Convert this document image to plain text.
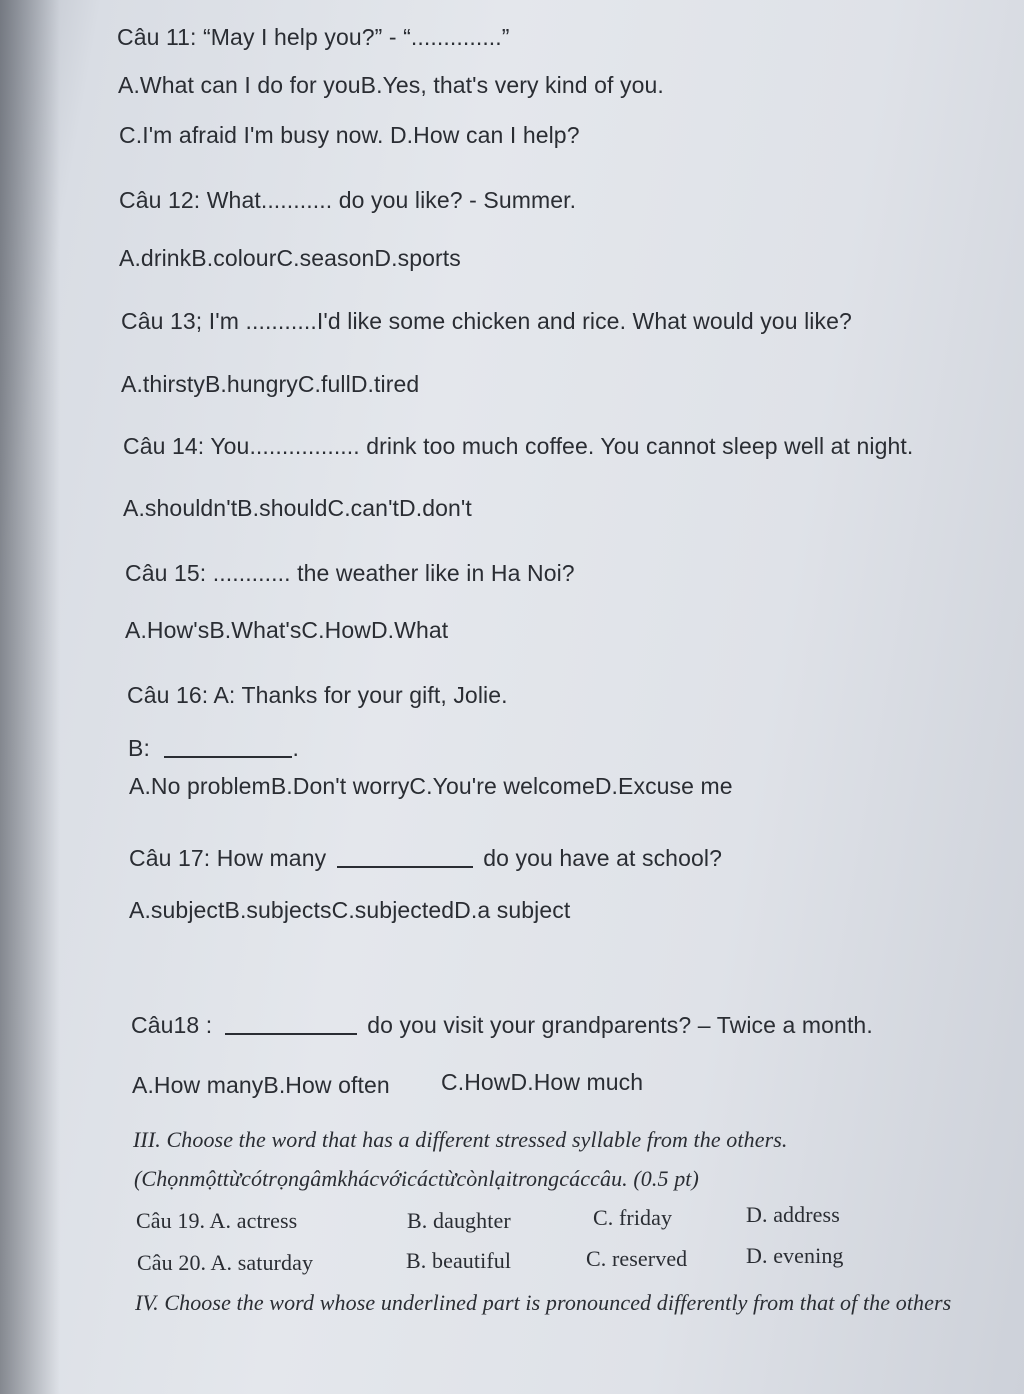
Câu 11: “May I help you?” - “..............”
A.What can I do for youB.Yes, that's very kind of you.
C.I'm afraid I'm busy now. D.How can I help?
Câu 12: What........... do you like? - Summer.
A.drinkB.colourC.seasonD.sports
Câu 13; I'm ...........I'd like some chicken and rice. What would you like?
A.thirstyB.hungryC.fullD.tired
Câu 14: You................. drink too much coffee. You cannot sleep well at night.
A.shouldn'tB.shouldC.can'tD.don't
Câu 15: ............ the weather like in Ha Noi?
A.How'sB.What'sC.HowD.What
Câu 16: A: Thanks for your gift, Jolie.
B:	.
A.No problemB.Don't worryC.You're welcomeD.Excuse me
Câu 17: How many	do you have at school?
A.subjectB.subjectsC.subjectedD.a subject
Câu18 :	do you visit your grandparents? – Twice a month.
A.How manyB.How often C.HowD.How much
III. Choose the word that has a different stressed syllable from the others.
(Chọnmộttừcótrọngâmkhácvớicáctừcònlạitrongcáccâu. (0.5 pt)
Câu 19. A. actress	B. daughter	C. friday	D. address
Câu 20. A. saturday	B. beautiful	C. reserved	D. evening
IV. Choose the word whose underlined part is pronounced differently from that of the others
